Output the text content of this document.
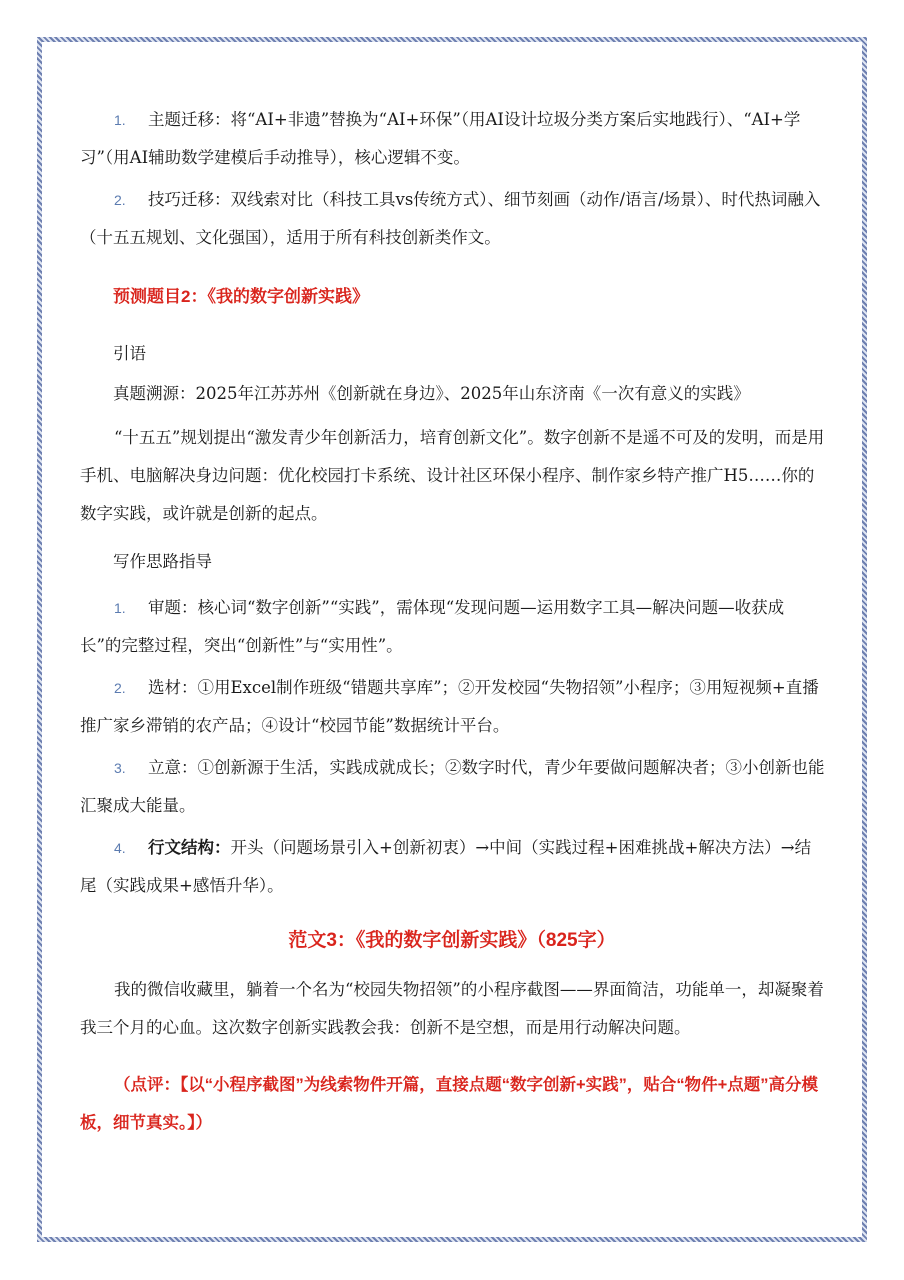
1. 主题迁移：将“AI+非遗”替换为“AI+环保”（用AI设计垃圾分类方案后实地践行）、“AI+学习”（用AI辅助数学建模后手动推导），核心逻辑不变。
2. 技巧迁移：双线索对比（科技工具vs传统方式）、细节刻画（动作/语言/场景）、时代热词融入（十五五规划、文化强国），适用于所有科技创新类作文。
预测题目2：《我的数字创新实践》
引语
真题溯源：2025年江苏苏州《创新就在身边》、2025年山东济南《一次有意义的实践》
“十五五”规划提出“激发青少年创新活力，培育创新文化”。数字创新不是遥不可及的发明，而是用手机、电脑解决身边问题：优化校园打卡系统、设计社区环保小程序、制作家乡特产推广H5……你的数字实践，或许就是创新的起点。
写作思路指导
1. 审题：核心词“数字创新”“实践”，需体现“发现问题—运用数字工具—解决问题—收获成长”的完整过程，突出“创新性”与“实用性”。
2. 选材：①用Excel制作班级“错题共享库”；②开发校园“失物招领”小程序；③用短视频+直播推广家乡滞销的农产品；④设计“校园节能”数据统计平台。
3. 立意：①创新源于生活，实践成就成长；②数字时代，青少年要做问题解决者；③小创新也能汇聚成大能量。
4. 行文结构：开头（问题场景引入+创新初衷）→中间（实践过程+困难挑战+解决方法）→结尾（实践成果+感悟升华）。
范文3：《我的数字创新实践》（825字）
我的微信收藏里，躺着一个名为“校园失物招领”的小程序截图——界面简洁，功能单一，却凝聚着我三个月的心血。这次数字创新实践教会我：创新不是空想，而是用行动解决问题。
（点评：【以“小程序截图”为线索物件开篇，直接点题“数字创新+实践”，贴合“物件+点题”高分模板，细节真实。】）
